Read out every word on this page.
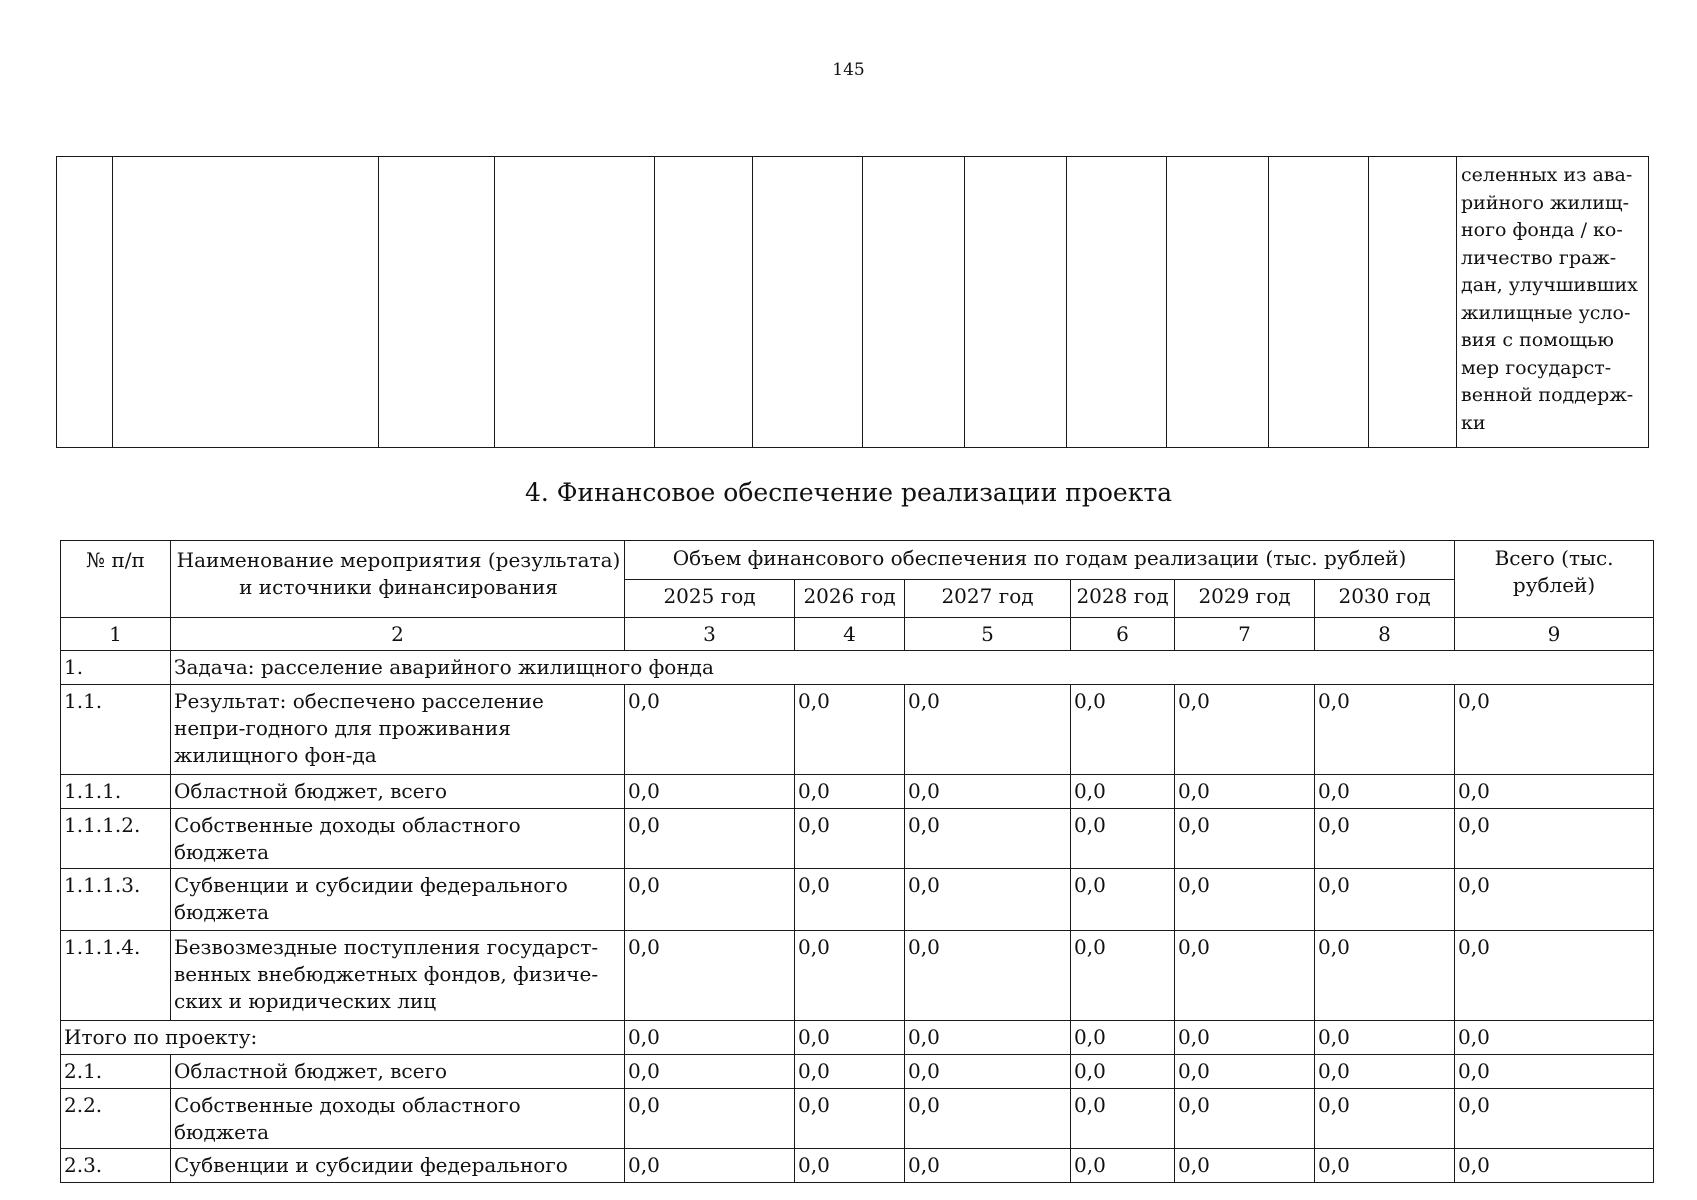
145
												селенных из ава-
рийного жилищ-
ного фонда / ко-
личество граж-
дан, улучшивших
жилищные усло-
вия с помощью
мер государст-
венной поддерж-
ки
4. Финансовое обеспечение реализации проекта
№ п/п	Наименование мероприятия (результата) и источники финансирования	Объем финансового обеспечения по годам реализации (тыс. рублей)						Всего (тыс. рублей)
		2025 год	2026 год	2027 год	2028 год	2029 год	2030 год	
1	2	3	4	5	6	7	8	9
1.	Задача: расселение аварийного жилищного фонда							
1.1.	Результат: обеспечено расселение непри-годного для проживания жилищного фон-да	0,0	0,0	0,0	0,0	0,0	0,0	0,0
1.1.1.	Областной бюджет, всего	0,0	0,0	0,0	0,0	0,0	0,0	0,0
1.1.1.2.	Собственные доходы областного бюджета	0,0	0,0	0,0	0,0	0,0	0,0	0,0
1.1.1.3.	Субвенции и субсидии федерального бюджета	0,0	0,0	0,0	0,0	0,0	0,0	0,0
1.1.1.4.	Безвозмездные поступления государст-венных внебюджетных фондов, физиче-ских и юридических лиц	0,0	0,0	0,0	0,0	0,0	0,0	0,0
Итого по проекту:		0,0	0,0	0,0	0,0	0,0	0,0	0,0
2.1.	Областной бюджет, всего	0,0	0,0	0,0	0,0	0,0	0,0	0,0
2.2.	Собственные доходы областного бюджета	0,0	0,0	0,0	0,0	0,0	0,0	0,0
2.3.	Субвенции и субсидии федерального	0,0	0,0	0,0	0,0	0,0	0,0	0,0
